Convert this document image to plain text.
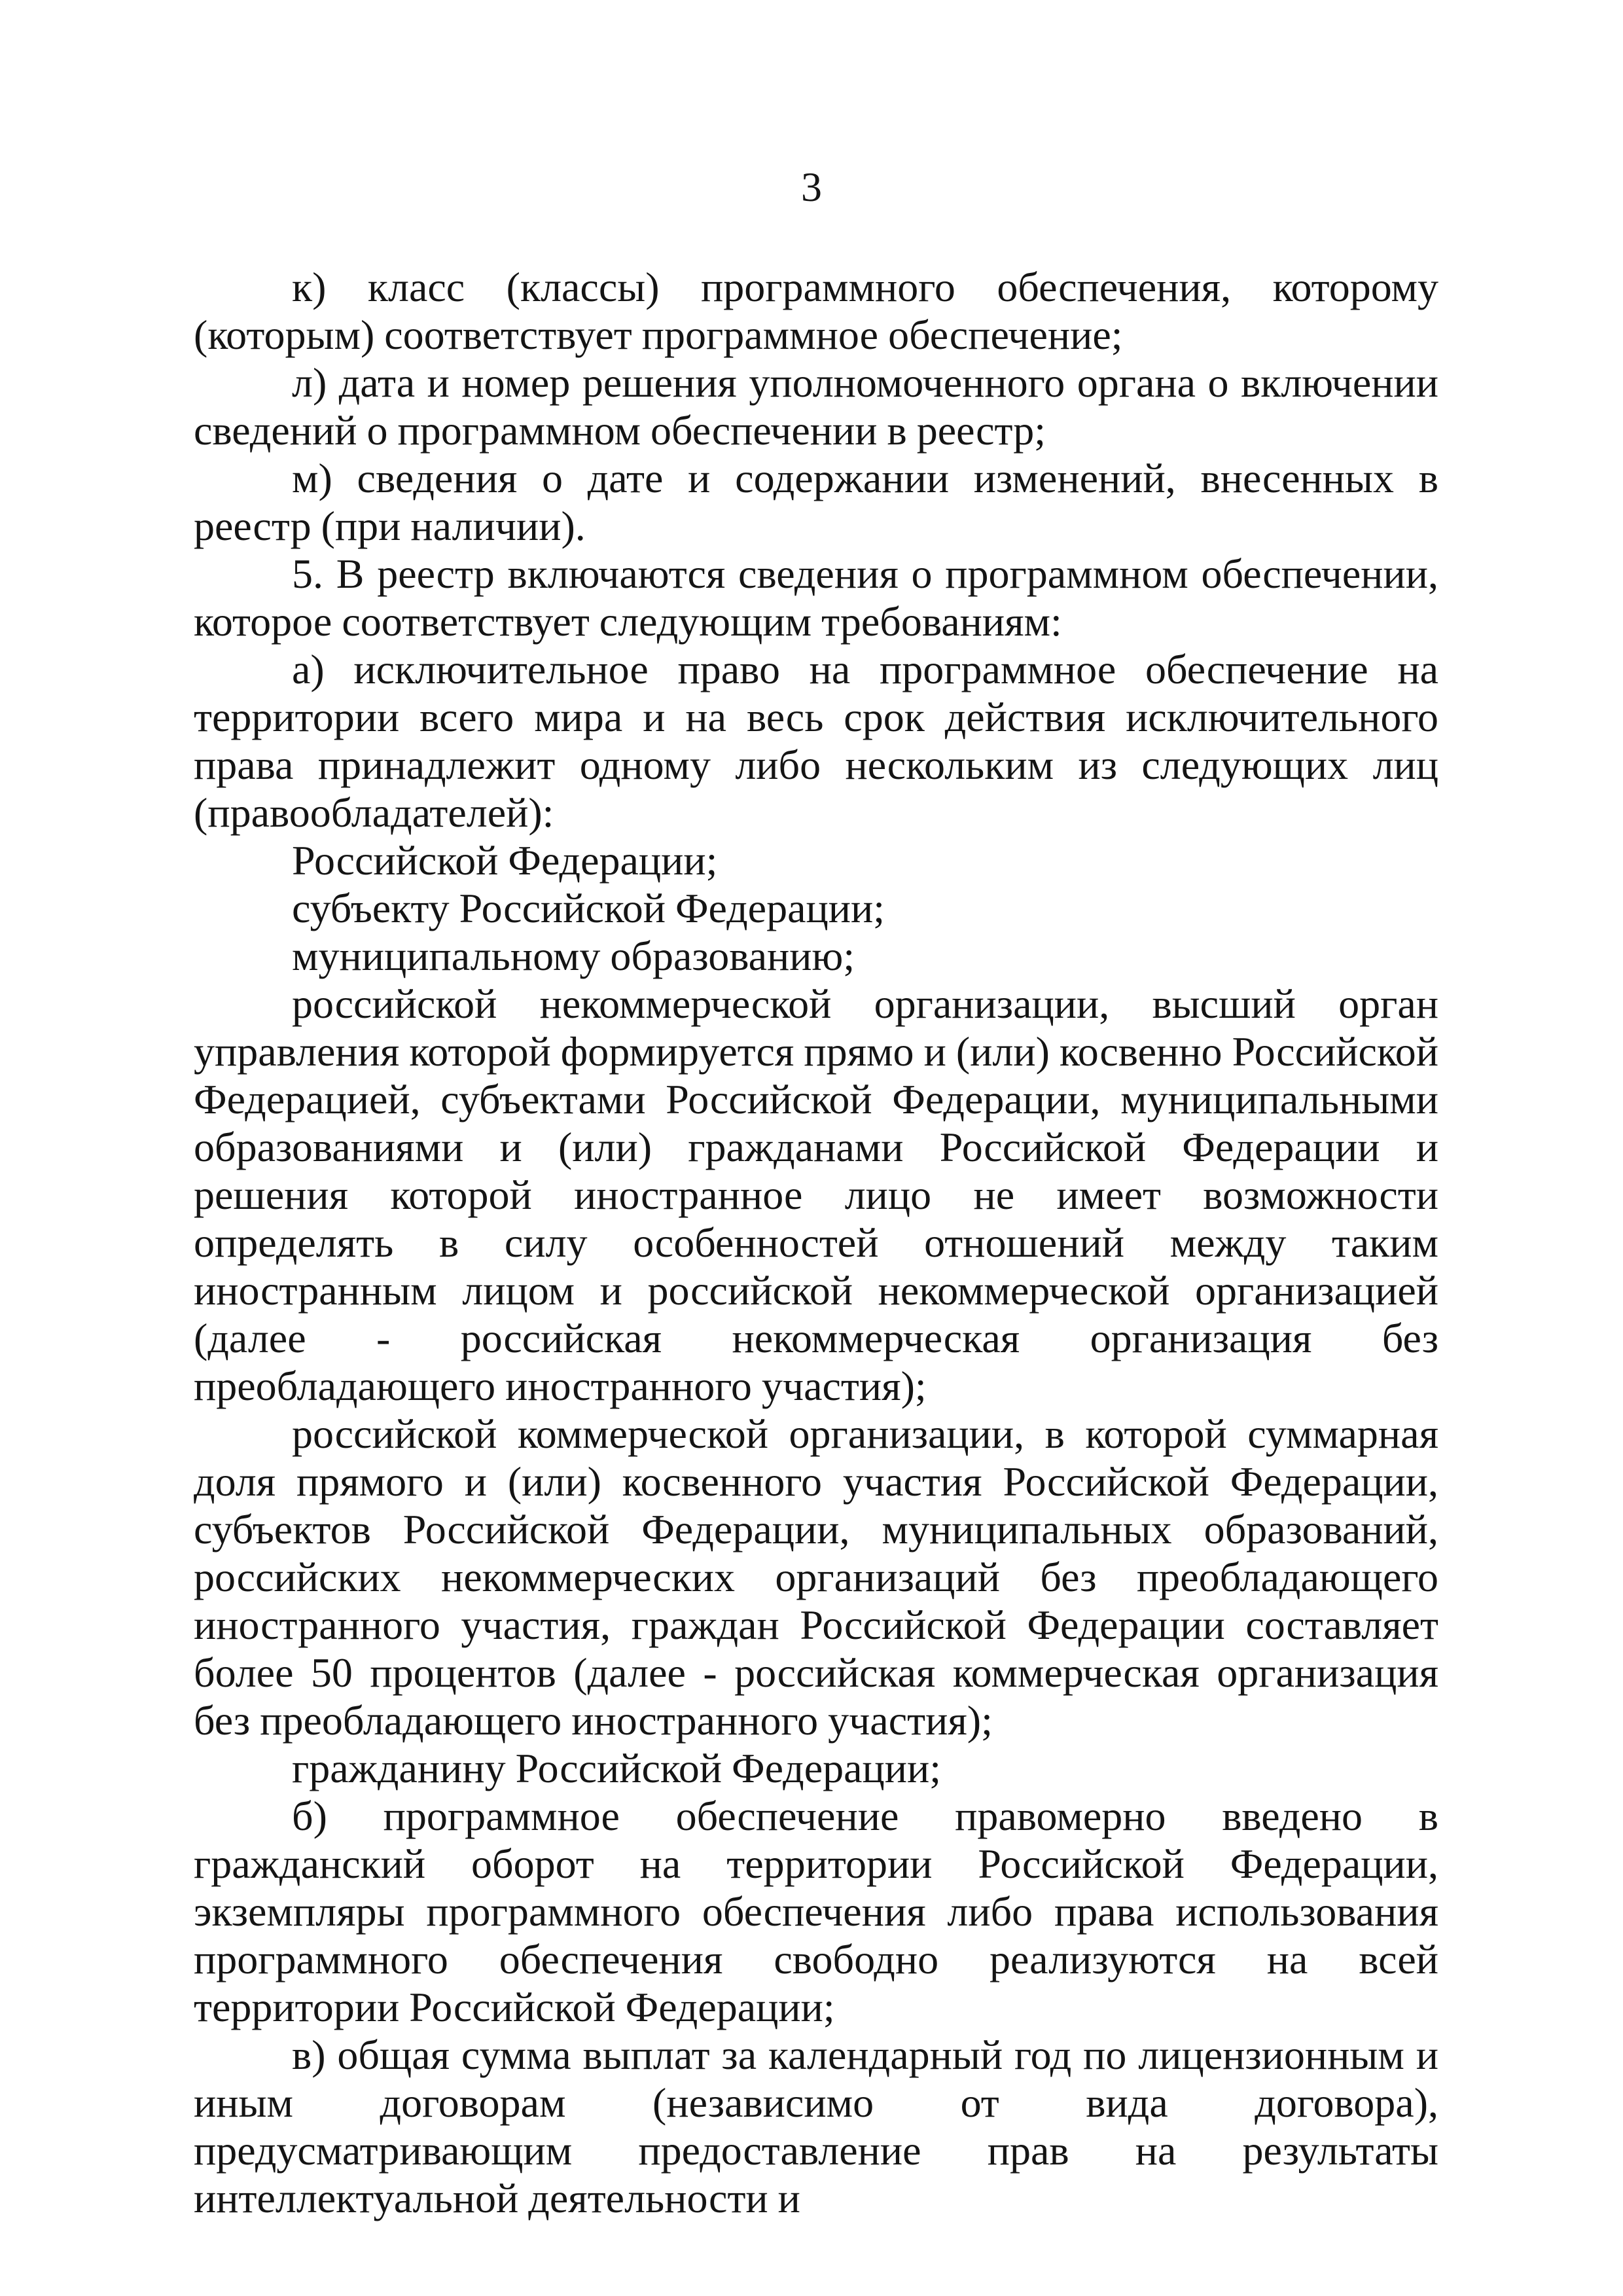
3

к) класс (классы) программного обеспечения, которому (которым) соответствует программное обеспечение;

л) дата и номер решения уполномоченного органа о включении сведений о программном обеспечении в реестр;

м) сведения о дате и содержании изменений, внесенных в реестр (при наличии).

5. В реестр включаются сведения о программном обеспечении, которое соответствует следующим требованиям:

а) исключительное право на программное обеспечение на территории всего мира и на весь срок действия исключительного права принадлежит одному либо нескольким из следующих лиц (правообладателей):

Российской Федерации;

субъекту Российской Федерации;

муниципальному образованию;

российской некоммерческой организации, высший орган управления которой формируется прямо и (или) косвенно Российской Федерацией, субъектами Российской Федерации, муниципальными образованиями и (или) гражданами Российской Федерации и решения которой иностранное лицо не имеет возможности определять в силу особенностей отношений между таким иностранным лицом и российской некоммерческой организацией (далее - российская некоммерческая организация без преобладающего иностранного участия);

российской коммерческой организации, в которой суммарная доля прямого и (или) косвенного участия Российской Федерации, субъектов Российской Федерации, муниципальных образований, российских некоммерческих организаций без преобладающего иностранного участия, граждан Российской Федерации составляет более 50 процентов (далее - российская коммерческая организация без преобладающего иностранного участия);

гражданину Российской Федерации;

б) программное обеспечение правомерно введено в гражданский оборот на территории Российской Федерации, экземпляры программного обеспечения либо права использования программного обеспечения свободно реализуются на всей территории Российской Федерации;

в) общая сумма выплат за календарный год по лицензионным и иным договорам (независимо от вида договора), предусматривающим предоставление прав на результаты интеллектуальной деятельности и
